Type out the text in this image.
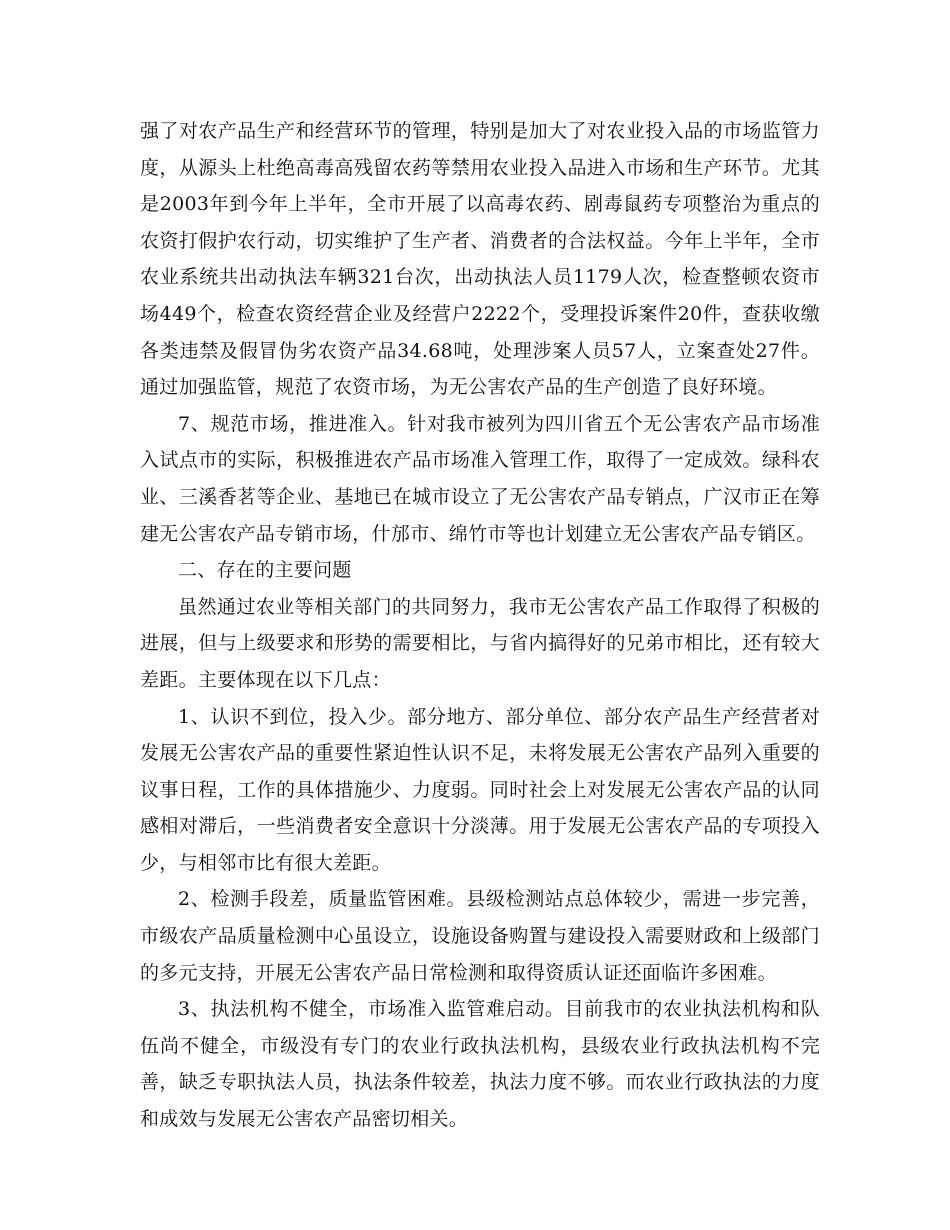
强了对农产品生产和经营环节的管理，特别是加大了对农业投入品的市场监管力度，从源头上杜绝高毒高残留农药等禁用农业投入品进入市场和生产环节。尤其是2003年到今年上半年，全市开展了以高毒农药、剧毒鼠药专项整治为重点的农资打假护农行动，切实维护了生产者、消费者的合法权益。今年上半年，全市农业系统共出动执法车辆321台次，出动执法人员1179人次，检查整顿农资市场449个，检查农资经营企业及经营户2222个，受理投诉案件20件，查获收缴各类违禁及假冒伪劣农资产品34.68吨，处理涉案人员57人，立案查处27件。通过加强监管，规范了农资市场，为无公害农产品的生产创造了良好环境。

7、规范市场，推进准入。针对我市被列为四川省五个无公害农产品市场准入试点市的实际，积极推进农产品市场准入管理工作，取得了一定成效。绿科农业、三溪香茗等企业、基地已在城市设立了无公害农产品专销点，广汉市正在筹建无公害农产品专销市场，什邡市、绵竹市等也计划建立无公害农产品专销区。

二、存在的主要问题

虽然通过农业等相关部门的共同努力，我市无公害农产品工作取得了积极的进展，但与上级要求和形势的需要相比，与省内搞得好的兄弟市相比，还有较大差距。主要体现在以下几点：

1、认识不到位，投入少。部分地方、部分单位、部分农产品生产经营者对发展无公害农产品的重要性紧迫性认识不足，未将发展无公害农产品列入重要的议事日程，工作的具体措施少、力度弱。同时社会上对发展无公害农产品的认同感相对滞后，一些消费者安全意识十分淡薄。用于发展无公害农产品的专项投入少，与相邻市比有很大差距。

2、检测手段差，质量监管困难。县级检测站点总体较少，需进一步完善，市级农产品质量检测中心虽设立，设施设备购置与建设投入需要财政和上级部门的多元支持，开展无公害农产品日常检测和取得资质认证还面临许多困难。

3、执法机构不健全，市场准入监管难启动。目前我市的农业执法机构和队伍尚不健全，市级没有专门的农业行政执法机构，县级农业行政执法机构不完善，缺乏专职执法人员，执法条件较差，执法力度不够。而农业行政执法的力度和成效与发展无公害农产品密切相关。
